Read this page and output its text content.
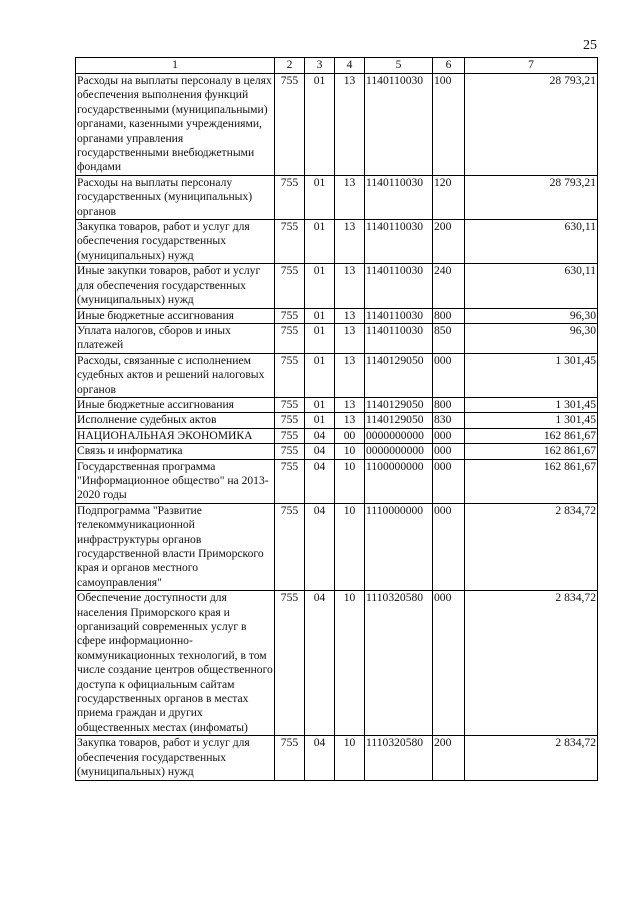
25
1	2	3	4	5	6	7
Расходы на выплаты персоналу в целях обеспечения выполнения функций государственными (муниципальными) органами, казенными учреждениями, органами управления государственными внебюджетными фондами	755	01	13	1140110030	100	28 793,21
Расходы на выплаты персоналу государственных (муниципальных) органов	755	01	13	1140110030	120	28 793,21
Закупка товаров, работ и услуг для обеспечения государственных (муниципальных) нужд	755	01	13	1140110030	200	630,11
Иные закупки товаров, работ и услуг для обеспечения государственных (муниципальных) нужд	755	01	13	1140110030	240	630,11
Иные бюджетные ассигнования	755	01	13	1140110030	800	96,30
Уплата налогов, сборов и иных платежей	755	01	13	1140110030	850	96,30
Расходы, связанные с исполнением судебных актов и решений налоговых органов	755	01	13	1140129050	000	1 301,45
Иные бюджетные ассигнования	755	01	13	1140129050	800	1 301,45
Исполнение судебных актов	755	01	13	1140129050	830	1 301,45
НАЦИОНАЛЬНАЯ ЭКОНОМИКА	755	04	00	0000000000	000	162 861,67
Связь и информатика	755	04	10	0000000000	000	162 861,67
Государственная программа "Информационное общество" на 2013-2020 годы	755	04	10	1100000000	000	162 861,67
Подпрограмма "Развитие телекоммуникационной инфраструктуры органов государственной власти Приморского края и органов местного самоуправления"	755	04	10	1110000000	000	2 834,72
Обеспечение доступности для населения Приморского края и организаций современных услуг в сфере информационно-коммуникационных технологий, в том числе создание центров общественного доступа к официальным сайтам государственных органов в местах приема граждан и других общественных местах (инфоматы)	755	04	10	1110320580	000	2 834,72
Закупка товаров, работ и услуг для обеспечения государственных (муниципальных) нужд	755	04	10	1110320580	200	2 834,72
